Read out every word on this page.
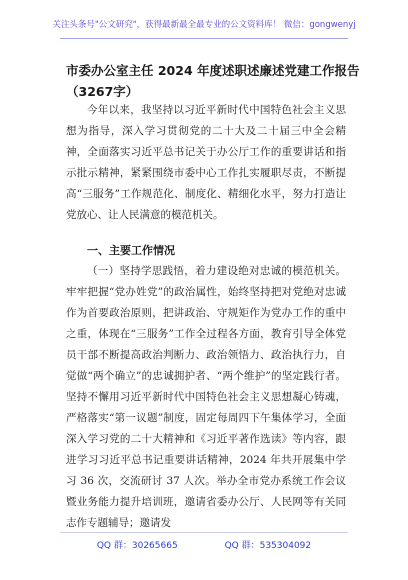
关注头条号"公文研究"，获得最新最全最专业的公文资料库！ 微信：gongwenyj
市委办公室主任 2024 年度述职述廉述党建工作报告（3267字）
今年以来，我坚持以习近平新时代中国特色社会主义思想为指导，深入学习贯彻党的二十大及二十届三中全会精神，全面落实习近平总书记关于办公厅工作的重要讲话和指示批示精神，紧紧围绕市委中心工作扎实履职尽责，不断提高“三服务”工作规范化、制度化、精细化水平，努力打造让党放心、让人民满意的模范机关。
一、主要工作情况
（一）坚持学思践悟，着力建设绝对忠诚的模范机关。牢牢把握“党办姓党”的政治属性，始终坚持把对党绝对忠诚作为首要政治原则，把讲政治、守规矩作为党办工作的重中之重，体现在“三服务”工作全过程各方面，教育引导全体党员干部不断提高政治判断力、政治领悟力、政治执行力，自觉做“两个确立”的忠诚拥护者、“两个维护”的坚定践行者。坚持不懈用习近平新时代中国特色社会主义思想凝心铸魂，严格落实“第一议题”制度，固定每周四下午集体学习，全面深入学习党的二十大精神和《习近平著作选读》等内容，跟进学习习近平总书记重要讲话精神，2024 年共开展集中学习 36 次，交流研讨 37 人次。举办全市党办系统工作会议暨业务能力提升培训班，邀请省委办公厅、人民网等有关同志作专题辅导；邀请发
QQ 群：30265665	QQ 群：535304092
